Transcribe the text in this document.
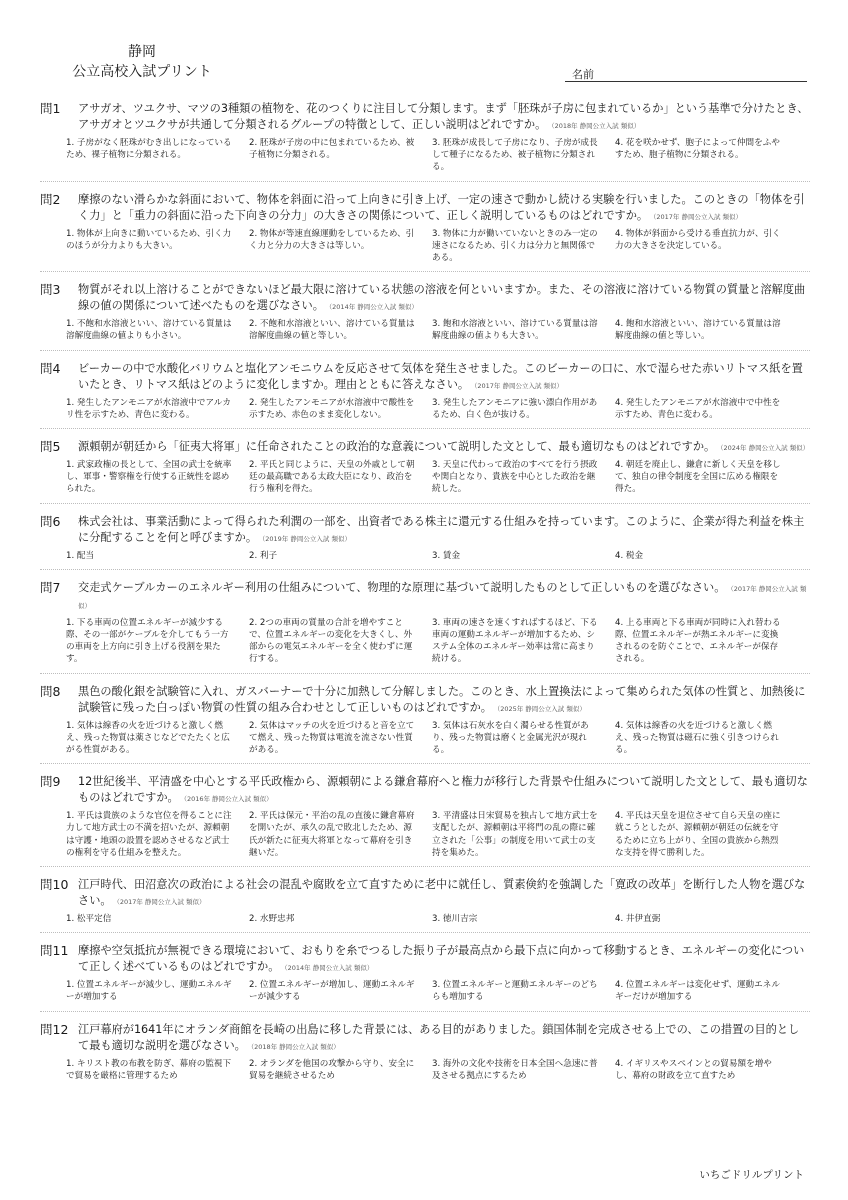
静岡
公立高校入試プリント	名前
問1	アサガオ、ツユクサ、マツの3種類の植物を、花のつくりに注目して分類します。まず「胚珠が子房に包まれているか」という基準で分けたとき、アサガオとツユクサが共通して分類されるグループの特徴として、正しい説明はどれですか。 （2018年 静岡公立入試 類似）
1. 子房がなく胚珠がむき出しになっているため、裸子植物に分類される。
2. 胚珠が子房の中に包まれているため、被子植物に分類される。
3. 胚珠が成長して子房になり、子房が成長して種子になるため、被子植物に分類される。
4. 花を咲かせず、胞子によって仲間をふやすため、胞子植物に分類される。
問2	摩擦のない滑らかな斜面において、物体を斜面に沿って上向きに引き上げ、一定の速さで動かし続ける実験を行いました。このときの「物体を引く力」と「重力の斜面に沿った下向きの分力」の大きさの関係について、正しく説明しているものはどれですか。 （2017年 静岡公立入試 類似）
1. 物体が上向きに動いているため、引く力のほうが分力よりも大きい。
2. 物体が等速直線運動をしているため、引く力と分力の大きさは等しい。
3. 物体に力が働いていないときのみ一定の速さになるため、引く力は分力と無関係である。
4. 物体が斜面から受ける垂直抗力が、引く力の大きさを決定している。
問3	物質がそれ以上溶けることができないほど最大限に溶けている状態の溶液を何といいますか。また、その溶液に溶けている物質の質量と溶解度曲線の値の関係について述べたものを選びなさい。 （2014年 静岡公立入試 類似）
1. 不飽和水溶液といい、溶けている質量は溶解度曲線の値よりも小さい。
2. 不飽和水溶液といい、溶けている質量は溶解度曲線の値と等しい。
3. 飽和水溶液といい、溶けている質量は溶解度曲線の値よりも大きい。
4. 飽和水溶液といい、溶けている質量は溶解度曲線の値と等しい。
問4	ビーカーの中で水酸化バリウムと塩化アンモニウムを反応させて気体を発生させました。このビーカーの口に、水で湿らせた赤いリトマス紙を置いたとき、リトマス紙はどのように変化しますか。理由とともに答えなさい。 （2017年 静岡公立入試 類似）
1. 発生したアンモニアが水溶液中でアルカリ性を示すため、青色に変わる。
2. 発生したアンモニアが水溶液中で酸性を示すため、赤色のまま変化しない。
3. 発生したアンモニアに強い漂白作用があるため、白く色が抜ける。
4. 発生したアンモニアが水溶液中で中性を示すため、青色に変わる。
問5	源頼朝が朝廷から「征夷大将軍」に任命されたことの政治的な意義について説明した文として、最も適切なものはどれですか。 （2024年 静岡公立入試 類似）
1. 武家政権の長として、全国の武士を統率し、軍事・警察権を行使する正統性を認められた。
2. 平氏と同じように、天皇の外戚として朝廷の最高職である太政大臣になり、政治を行う権利を得た。
3. 天皇に代わって政治のすべてを行う摂政や関白となり、貴族を中心とした政治を継続した。
4. 朝廷を廃止し、鎌倉に新しく天皇を移して、独自の律令制度を全国に広める権限を得た。
問6	株式会社は、事業活動によって得られた利潤の一部を、出資者である株主に還元する仕組みを持っています。このように、企業が得た利益を株主に分配することを何と呼びますか。 （2019年 静岡公立入試 類似）
1. 配当	2. 利子	3. 賃金	4. 税金
問7	交走式ケーブルカーのエネルギー利用の仕組みについて、物理的な原理に基づいて説明したものとして正しいものを選びなさい。 （2017年 静岡公立入試 類似）
1. 下る車両の位置エネルギーが減少する際、その一部がケーブルを介してもう一方の車両を上方向に引き上げる役割を果たす。
2. 2つの車両の質量の合計を増やすことで、位置エネルギーの変化を大きくし、外部からの電気エネルギーを全く使わずに運行する。
3. 車両の速さを速くすればするほど、下る車両の運動エネルギーが増加するため、システム全体のエネルギー効率は常に高まり続ける。
4. 上る車両と下る車両が同時に入れ替わる際、位置エネルギーが熱エネルギーに変換されるのを防ぐことで、エネルギーが保存される。
問8	黒色の酸化銀を試験管に入れ、ガスバーナーで十分に加熱して分解しました。このとき、水上置換法によって集められた気体の性質と、加熱後に試験管に残った白っぽい物質の性質の組み合わせとして正しいものはどれですか。 （2025年 静岡公立入試 類似）
1. 気体は線香の火を近づけると激しく燃え、残った物質は薬さじなどでたたくと広がる性質がある。
2. 気体はマッチの火を近づけると音を立てて燃え、残った物質は電流を流さない性質がある。
3. 気体は石灰水を白く濁らせる性質があり、残った物質は磨くと金属光沢が現れる。
4. 気体は線香の火を近づけると激しく燃え、残った物質は磁石に強く引きつけられる。
問9	12世紀後半、平清盛を中心とする平氏政権から、源頼朝による鎌倉幕府へと権力が移行した背景や仕組みについて説明した文として、最も適切なものはどれですか。 （2016年 静岡公立入試 類似）
1. 平氏は貴族のような官位を得ることに注力して地方武士の不満を招いたが、源頼朝は守護・地頭の設置を認めさせるなど武士の権利を守る仕組みを整えた。
2. 平氏は保元・平治の乱の直後に鎌倉幕府を開いたが、承久の乱で敗北したため、源氏が新たに征夷大将軍となって幕府を引き継いだ。
3. 平清盛は日宋貿易を独占して地方武士を支配したが、源頼朝は平将門の乱の際に確立された「公事」の制度を用いて武士の支持を集めた。
4. 平氏は天皇を退位させて自ら天皇の座に就こうとしたが、源頼朝が朝廷の伝統を守るために立ち上がり、全国の貴族から熱烈な支持を得て勝利した。
問10 江戸時代、田沼意次の政治による社会の混乱や腐敗を立て直すために老中に就任し、質素倹約を強調した「寛政の改革」を断行した人物を選びなさい。 （2017年 静岡公立入試 類似）
1. 松平定信	2. 水野忠邦	3. 徳川吉宗	4. 井伊直弼
問11 摩擦や空気抵抗が無視できる環境において、おもりを糸でつるした振り子が最高点から最下点に向かって移動するとき、エネルギーの変化について正しく述べているものはどれですか。 （2014年 静岡公立入試 類似）
1. 位置エネルギーが減少し、運動エネルギーが増加する
2. 位置エネルギーが増加し、運動エネルギーが減少する
3. 位置エネルギーと運動エネルギーのどちらも増加する
4. 位置エネルギーは変化せず、運動エネルギーだけが増加する
問12 江戸幕府が1641年にオランダ商館を長崎の出島に移した背景には、ある目的がありました。鎖国体制を完成させる上での、この措置の目的として最も適切な説明を選びなさい。 （2018年 静岡公立入試 類似）
1. キリスト教の布教を防ぎ、幕府の監視下で貿易を厳格に管理するため
2. オランダを他国の攻撃から守り、安全に貿易を継続させるため
3. 海外の文化や技術を日本全国へ急速に普及させる拠点にするため
4. イギリスやスペインとの貿易額を増やし、幕府の財政を立て直すため
いちごドリルプリント
